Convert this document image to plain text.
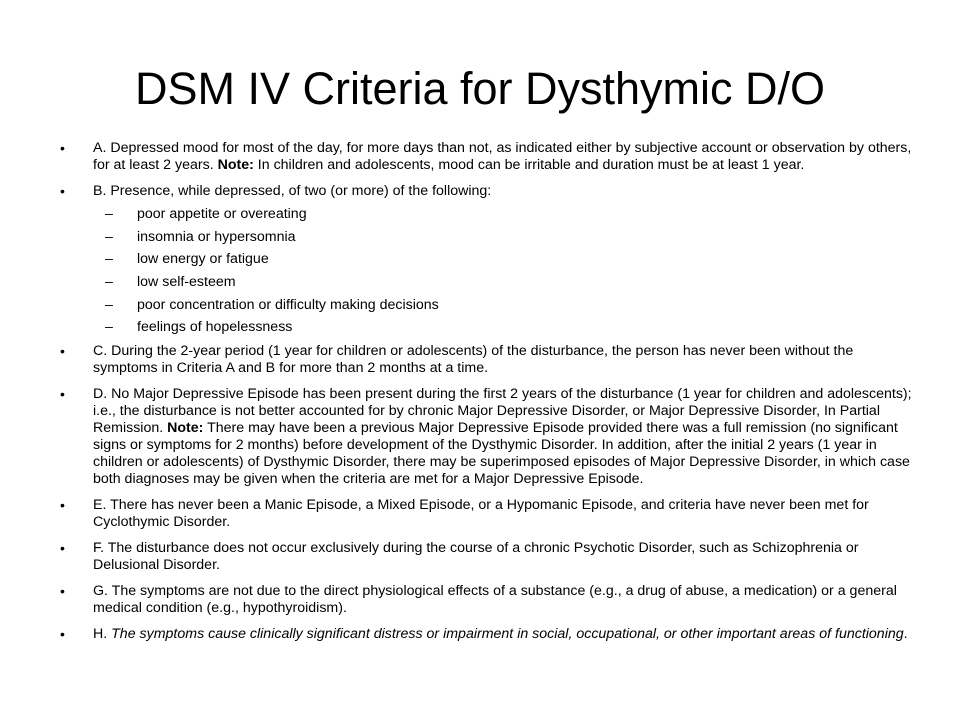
DSM IV Criteria for Dysthymic D/O
•	A. Depressed mood for most of the day, for more days than not, as indicated either by subjective account or observation by others, for at least 2 years. Note: In children and adolescents, mood can be irritable and duration must be at least 1 year.
•	B. Presence, while depressed, of two (or more) of the following:
– poor appetite or overeating
– insomnia or hypersomnia
– low energy or fatigue
– low self-esteem
– poor concentration or difficulty making decisions
– feelings of hopelessness
•	C. During the 2-year period (1 year for children or adolescents) of the disturbance, the person has never been without the symptoms in Criteria A and B for more than 2 months at a time.
•	D. No Major Depressive Episode has been present during the first 2 years of the disturbance (1 year for children and adolescents); i.e., the disturbance is not better accounted for by chronic Major Depressive Disorder, or Major Depressive Disorder, In Partial Remission. Note: There may have been a previous Major Depressive Episode provided there was a full remission (no significant signs or symptoms for 2 months) before development of the Dysthymic Disorder. In addition, after the initial 2 years (1 year in children or adolescents) of Dysthymic Disorder, there may be superimposed episodes of Major Depressive Disorder, in which case both diagnoses may be given when the criteria are met for a Major Depressive Episode.
•	E. There has never been a Manic Episode, a Mixed Episode, or a Hypomanic Episode, and criteria have never been met for Cyclothymic Disorder.
•	F. The disturbance does not occur exclusively during the course of a chronic Psychotic Disorder, such as Schizophrenia or Delusional Disorder.
•	G. The symptoms are not due to the direct physiological effects of a substance (e.g., a drug of abuse, a medication) or a general medical condition (e.g., hypothyroidism).
•	H. The symptoms cause clinically significant distress or impairment in social, occupational, or other important areas of functioning.
